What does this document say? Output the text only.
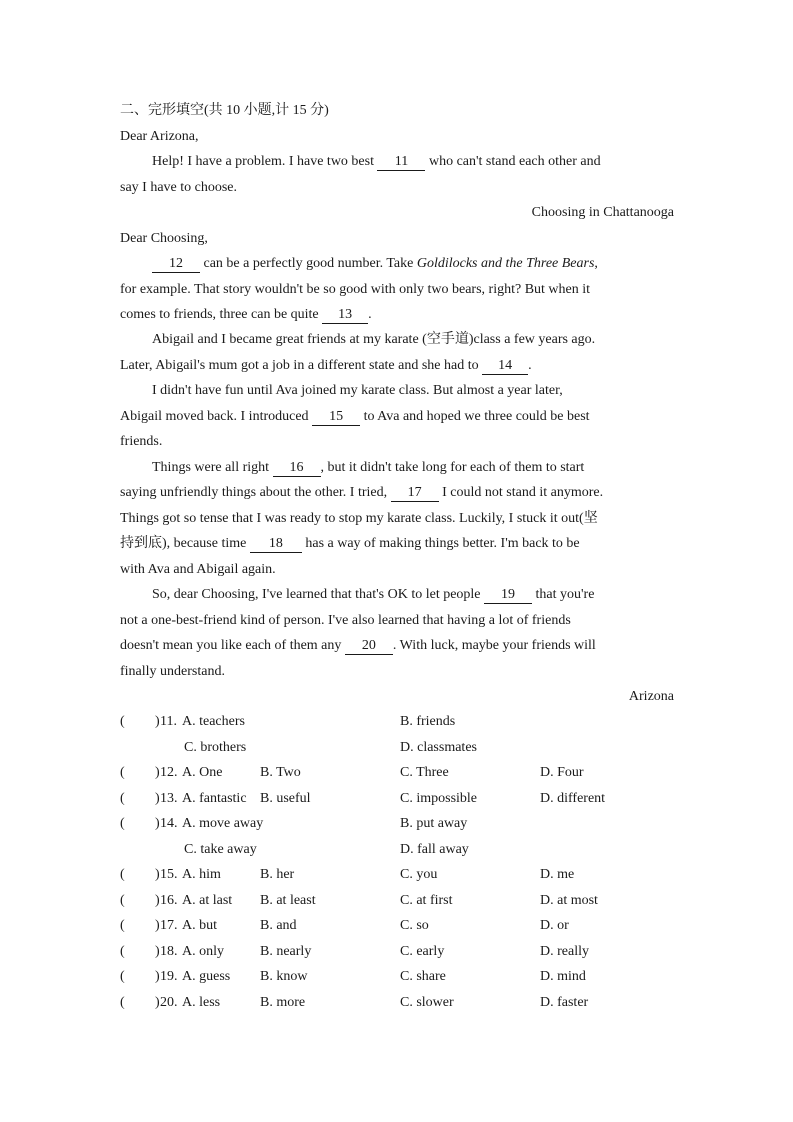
二、完形填空(共 10 小题,计 15 分)
Dear Arizona,
Help! I have a problem. I have two best 11 who can't stand each other and
say I have to choose.
Choosing in Chattanooga
Dear Choosing,
12 can be a perfectly good number. Take Goldilocks and the Three Bears,
for example. That story wouldn't be so good with only two bears, right? But when it
comes to friends, three can be quite 13 .
Abigail and I became great friends at my karate (空手道)class a few years ago.
Later, Abigail's mum got a job in a different state and she had to 14 .
I didn't have fun until Ava joined my karate class. But almost a year later,
Abigail moved back. I introduced 15 to Ava and hoped we three could be best
friends.
Things were all right 16 , but it didn't take long for each of them to start
saying unfriendly things about the other. I tried, 17 I could not stand it anymore.
Things got so tense that I was ready to stop my karate class. Luckily, I stuck it out(坚
持到底), because time 18 has a way of making things better. I'm back to be
with Ava and Abigail again.
So, dear Choosing, I've learned that that's OK to let people 19 that you're
not a one-best-friend kind of person. I've also learned that having a lot of friends
doesn't mean you like each of them any 20 . With luck, maybe your friends will
finally understand.
Arizona
( ) 11. A. teachers	B. friends
C. brothers	D. classmates
( ) 12. A. One	B. Two	C. Three	D. Four
( ) 13. A. fantastic B. useful	C. impossible	D. different
( ) 14. A. move away	B. put away
C. take away	D. fall away
( ) 15. A. him	B. her	C. you	D. me
( ) 16. A. at last B. at least	C. at first	D. at most
( ) 17. A. but	B. and	C. so	D. or
( ) 18. A. only	B. nearly	C. early	D. really
( ) 19. A. guess B. know	C. share	D. mind
( ) 20. A. less	B. more	C. slower	D. faster
